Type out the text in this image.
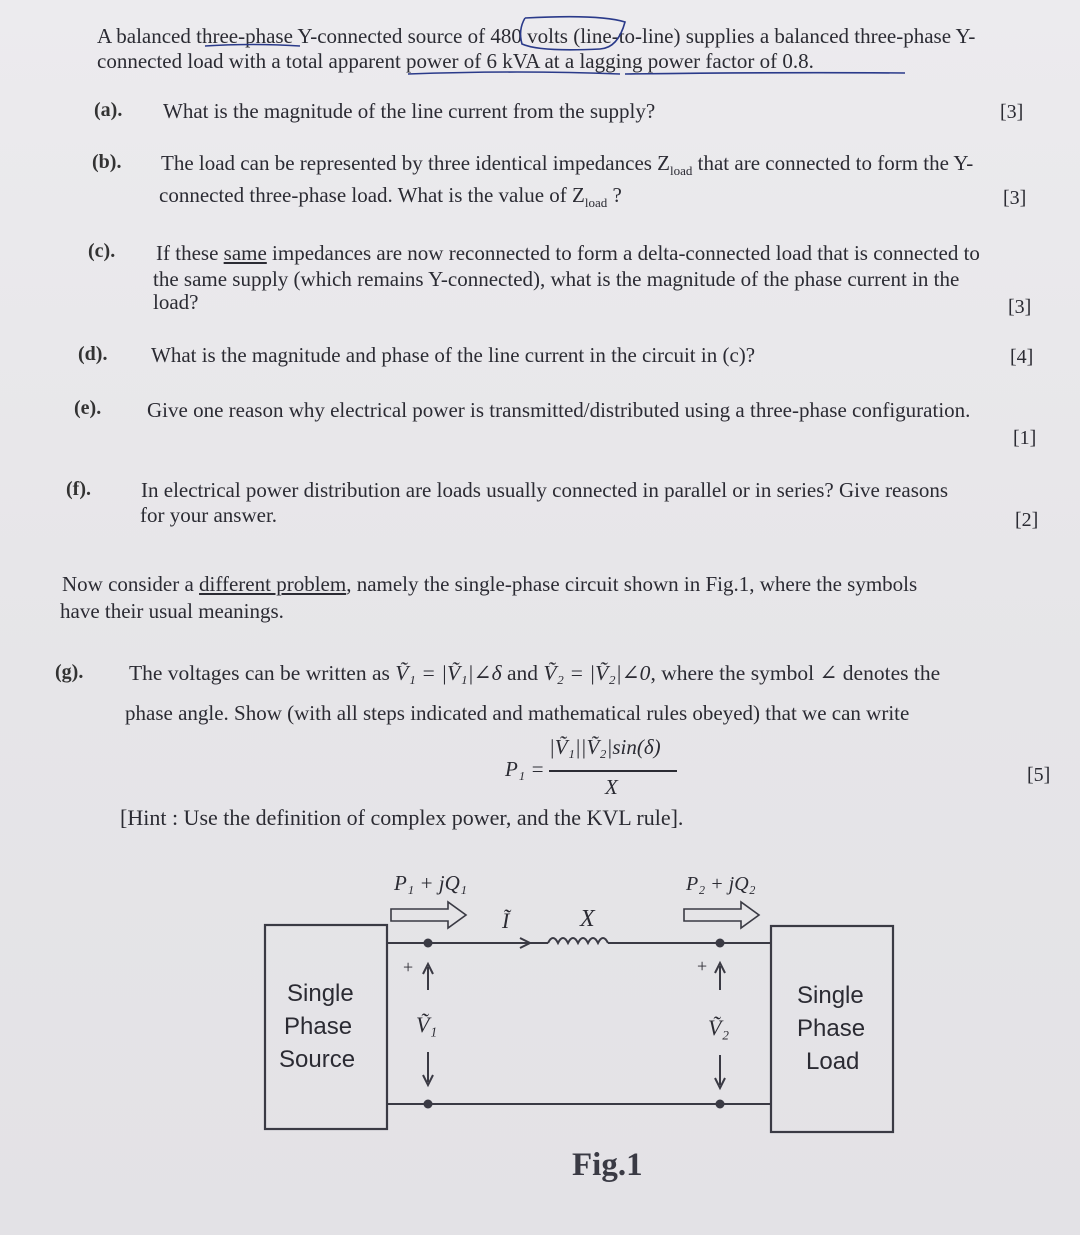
A balanced three-phase Y-connected source of 480 volts (line-to-line) supplies a balanced three-phase Y-
connected load with a total apparent power of 6 kVA at a lagging power factor of 0.8.
(a). What is the magnitude of the line current from the supply?	[3]
(b). The load can be represented by three identical impedances $Z_{load}$ that are connected to form the Y-
connected three-phase load. What is the value of $Z_{load}$ ?	[3]
(c). If these same impedances are now reconnected to form a delta-connected load that is connected to
the same supply (which remains Y-connected), what is the magnitude of the phase current in the
load?	[3]
(d). What is the magnitude and phase of the line current in the circuit in (c)?	[4]
(e). Give one reason why electrical power is transmitted/distributed using a three-phase configuration.
[1]
(f). In electrical power distribution are loads usually connected in parallel or in series? Give reasons
for your answer.	[2]
Now consider a different problem, namely the single-phase circuit shown in Fig.1, where the symbols
have their usual meanings.
(g). The voltages can be written as Ṽ₁ = |Ṽ₁|∠δ and Ṽ₂ = |Ṽ₂|∠0, where the symbol ∠ denotes the
phase angle. Show (with all steps indicated and mathematical rules obeyed) that we can write
P₁ =
|Ṽ₁||Ṽ₂|sin(δ)
X	[5]
[Hint : Use the definition of complex power, and the KVL rule].
P₁ + jQ₁	P₂ + jQ₂
Ĩ	X
+	+
Ṽ₁	Ṽ₂
Single
Phase
Source
Single
Phase
Load
Fig.1
